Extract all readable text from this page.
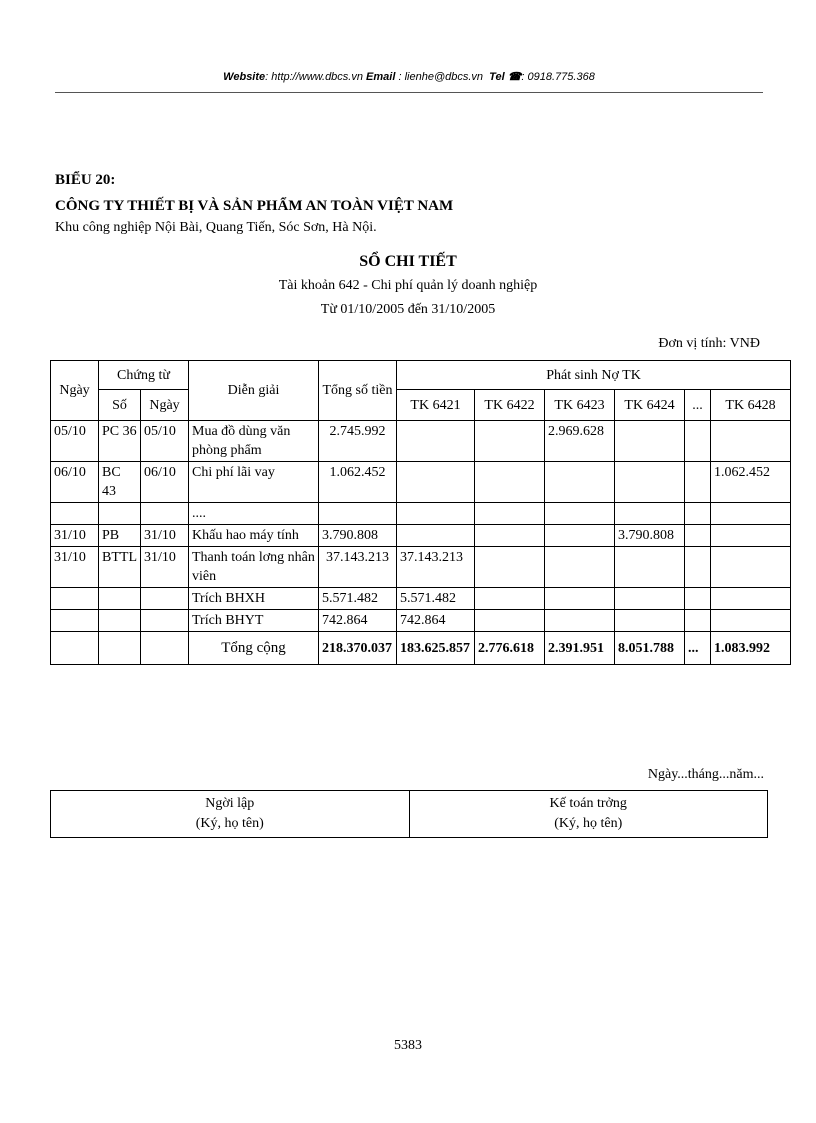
Website: http://www.dbcs.vn Email : lienhe@dbcs.vn Tel ☎: 0918.775.368
BIỂU 20:
CÔNG TY THIẾT BỊ VÀ SẢN PHẨM AN TOÀN VIỆT NAM
Khu công nghiệp Nội Bài, Quang Tiến, Sóc Sơn, Hà Nội.
SỔ CHI TIẾT
Tài khoản 642 - Chi phí quản lý doanh nghiệp
Từ 01/10/2005 đến 31/10/2005
Đơn vị tính: VNĐ
Ngày	Chứng từ		Diễn giải	Tổng số tiền	Phát sinh Nợ TK					
	Số	Ngày			TK 6421	TK 6422	TK 6423	TK 6424	...	TK 6428
05/10	PC 36	05/10	Mua đồ dùng văn phòng phẩm	2.745.992			2.969.628			
06/10	BC 43	06/10	Chi phí lãi vay	1.062.452						1.062.452
			....							
31/10	PB	31/10	Khấu hao máy tính	3.790.808				3.790.808		
31/10	BTTL	31/10	Thanh toán lơng nhân viên	37.143.213	37.143.213					
			Trích BHXH	5.571.482	5.571.482					
			Trích BHYT	742.864	742.864					
			Tổng cộng	218.370.037	183.625.857	2.776.618	2.391.951	8.051.788	...	1.083.992
Ngày...tháng...năm...
Ngời lập
(Ký, họ tên)

Kế toán trởng
(Ký, họ tên)
5383
